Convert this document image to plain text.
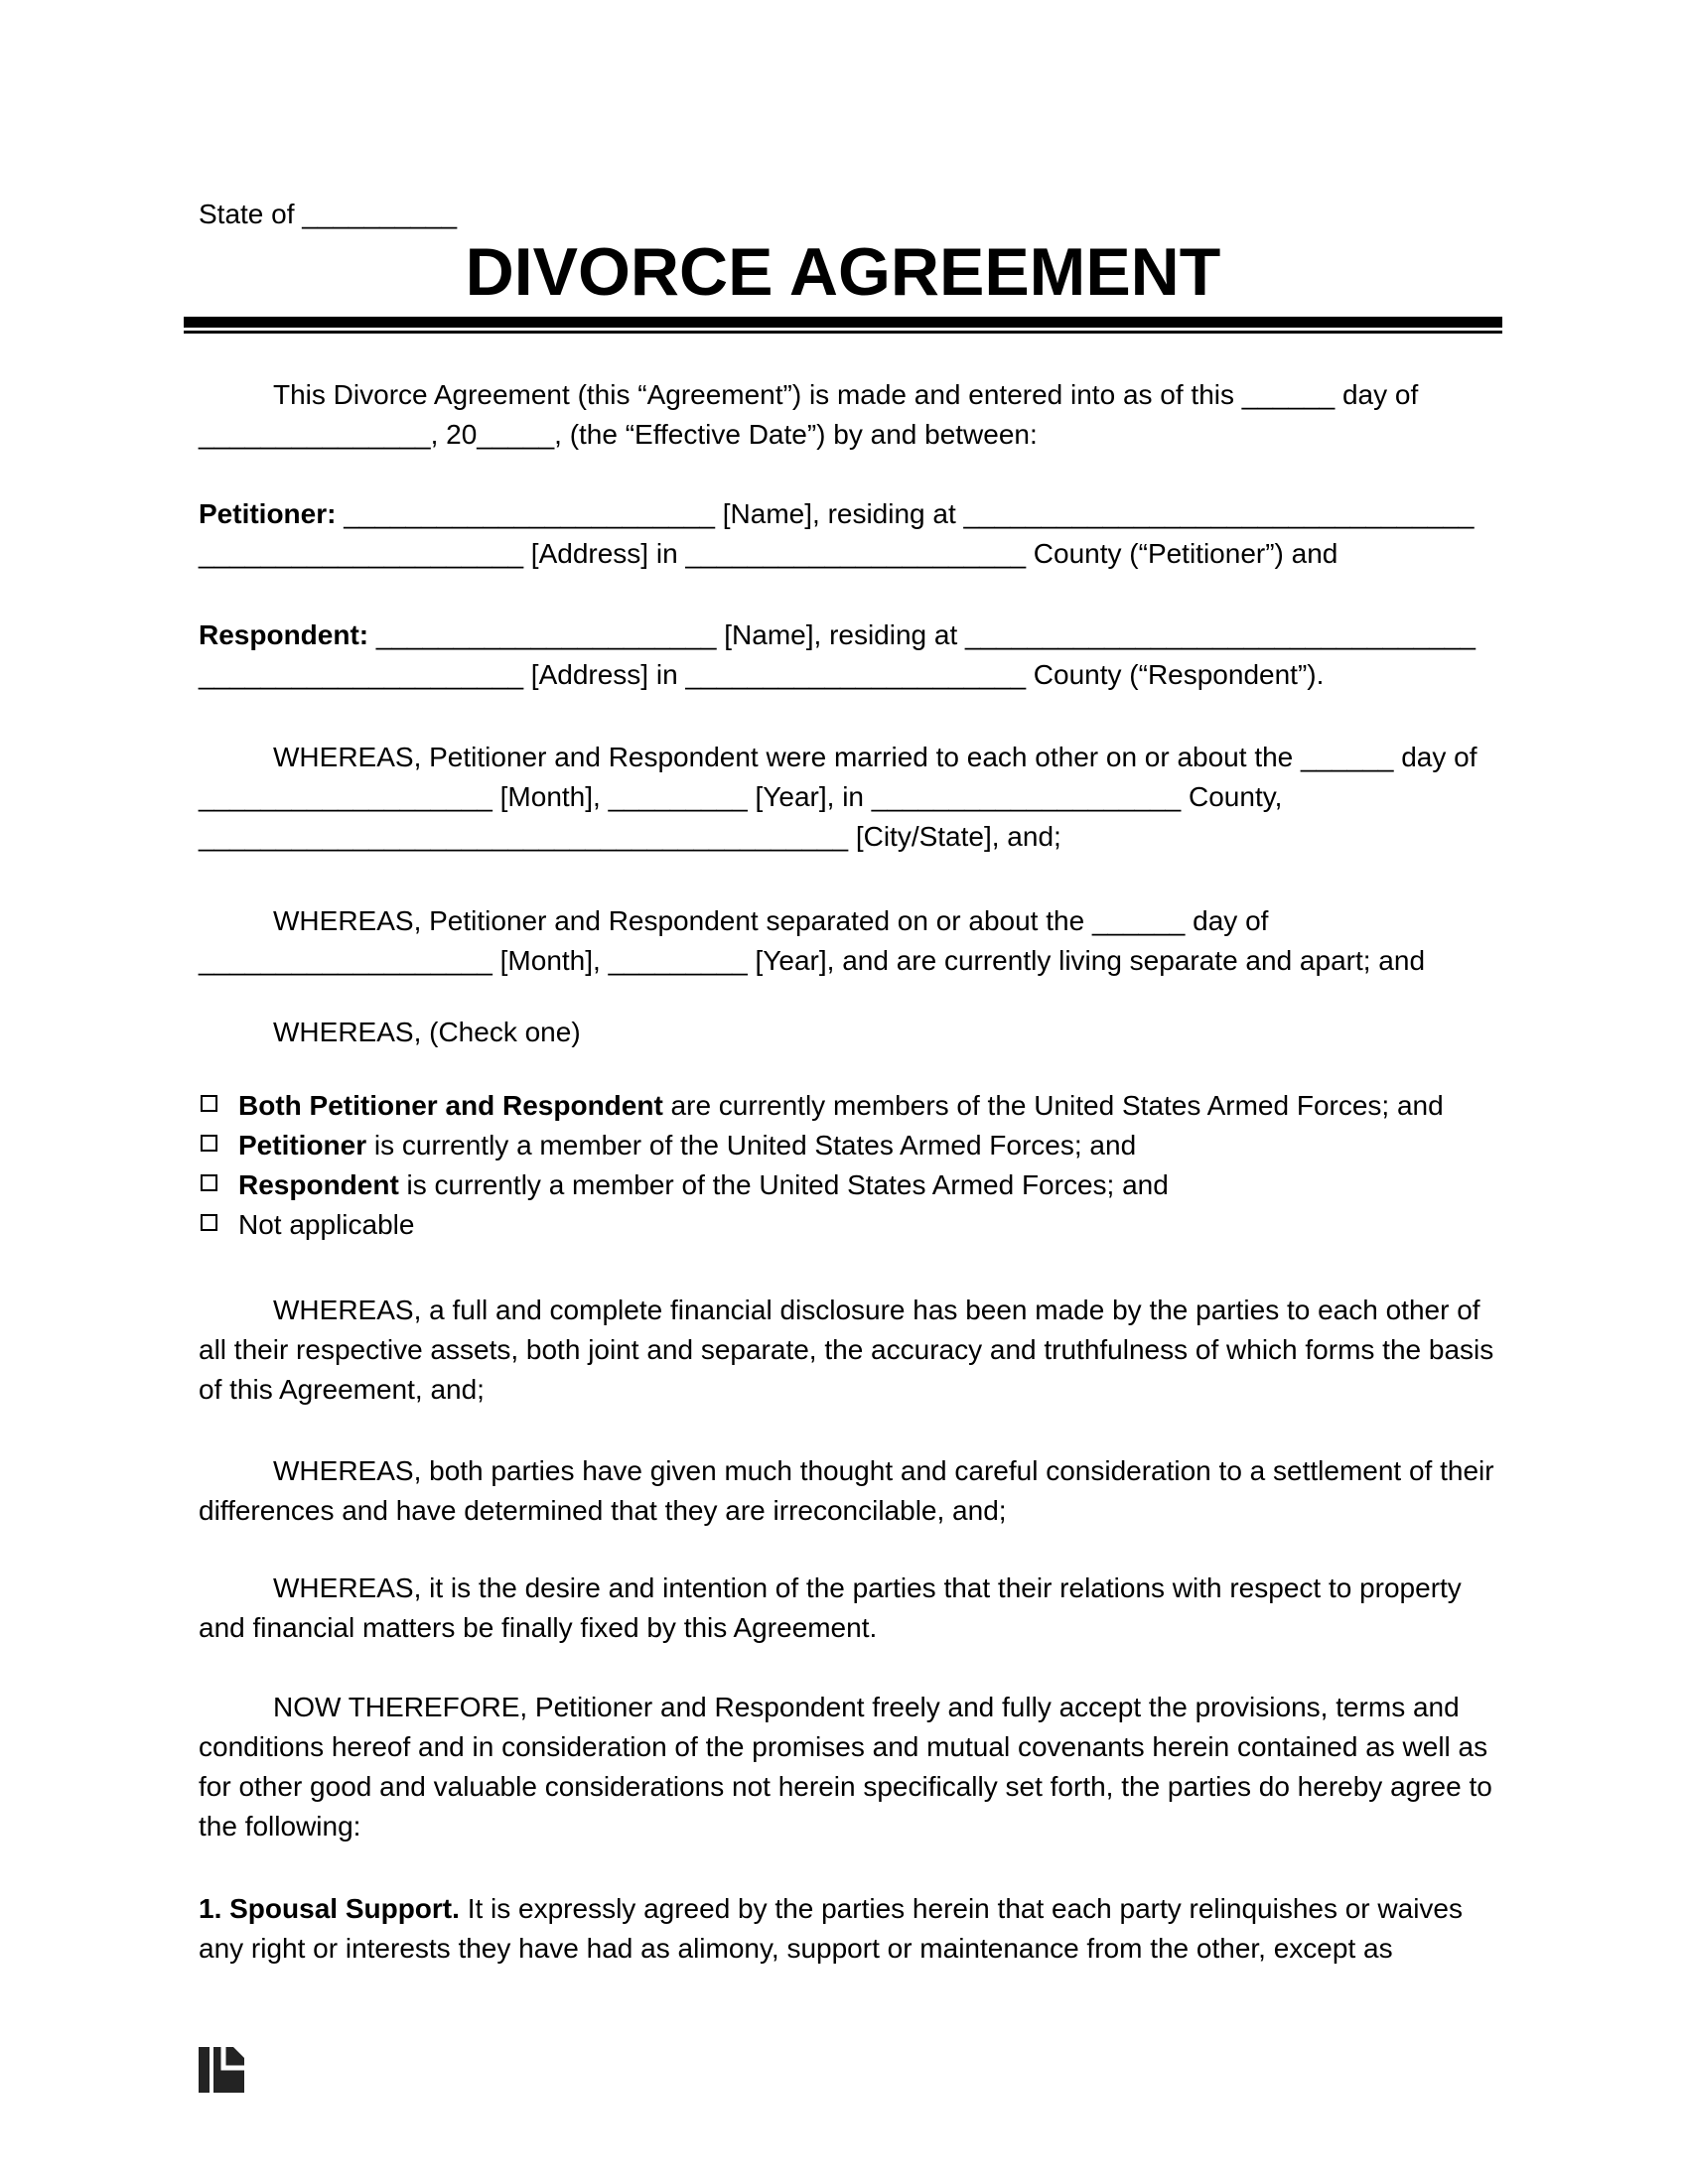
State of __________
DIVORCE AGREEMENT
This Divorce Agreement (this “Agreement”) is made and entered into as of this ______ day of
_______________, 20_____, (the “Effective Date”) by and between:
Petitioner: ________________________ [Name], residing at _________________________________
_____________________ [Address] in ______________________ County (“Petitioner”) and
Respondent: ______________________ [Name], residing at _________________________________
_____________________ [Address] in ______________________ County (“Respondent”).
WHEREAS, Petitioner and Respondent were married to each other on or about the ______ day of
___________________ [Month], _________ [Year], in ____________________ County,
__________________________________________ [City/State], and;
WHEREAS, Petitioner and Respondent separated on or about the ______ day of
___________________ [Month], _________ [Year], and are currently living separate and apart; and
WHEREAS, (Check one)
Both Petitioner and Respondent are currently members of the United States Armed Forces; and
Petitioner is currently a member of the United States Armed Forces; and
Respondent is currently a member of the United States Armed Forces; and
Not applicable
WHEREAS, a full and complete financial disclosure has been made by the parties to each other of
all their respective assets, both joint and separate, the accuracy and truthfulness of which forms the basis
of this Agreement, and;
WHEREAS, both parties have given much thought and careful consideration to a settlement of their
differences and have determined that they are irreconcilable, and;
WHEREAS, it is the desire and intention of the parties that their relations with respect to property
and financial matters be finally fixed by this Agreement.
NOW THEREFORE, Petitioner and Respondent freely and fully accept the provisions, terms and
conditions hereof and in consideration of the promises and mutual covenants herein contained as well as
for other good and valuable considerations not herein specifically set forth, the parties do hereby agree to
the following:
1. Spousal Support. It is expressly agreed by the parties herein that each party relinquishes or waives
any right or interests they have had as alimony, support or maintenance from the other, except as
